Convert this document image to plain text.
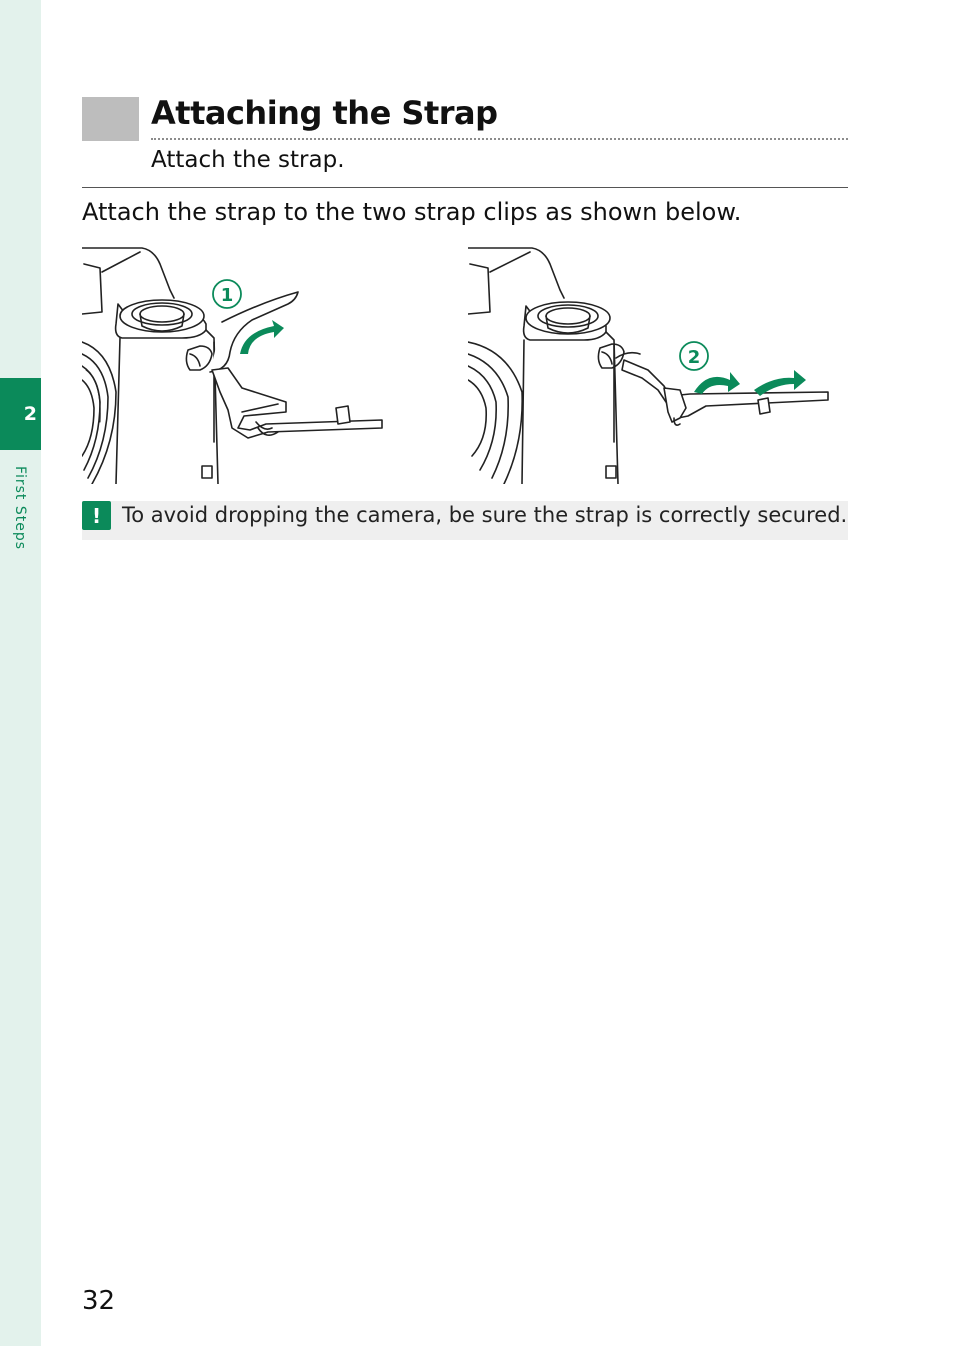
2
First Steps
Attaching the Strap
Attach the strap.
Attach the strap to the two strap clips as shown below.
1
2
! To avoid dropping the camera, be sure the strap is correctly secured.
32
